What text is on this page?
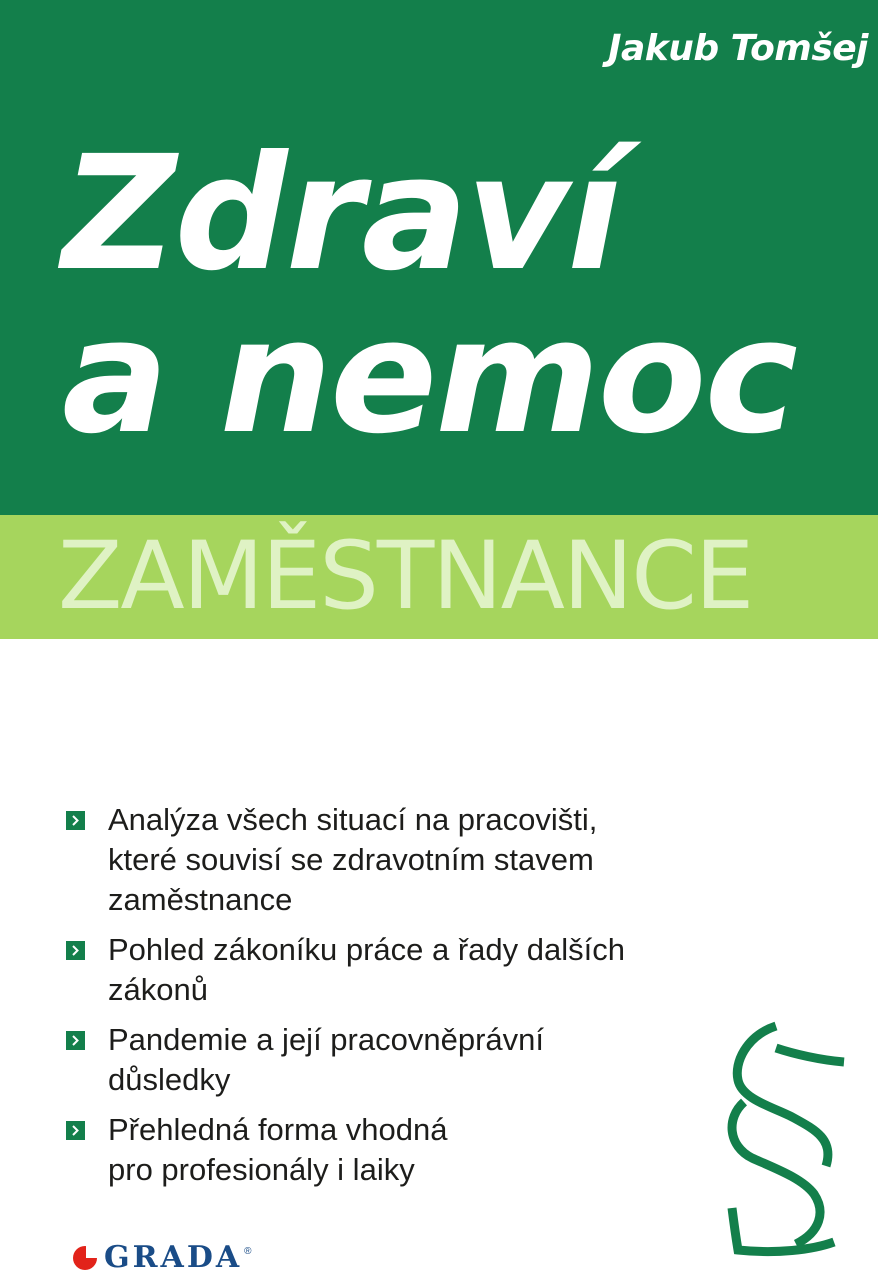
Jakub Tomšej
Zdraví
a nemoc
ZAMĚSTNANCE
Analýza všech situací na pracovišti,
které souvisí se zdravotním stavem
zaměstnance
Pohled zákoníku práce a řady dalších
zákonů
Pandemie a její pracovněprávní
důsledky
Přehledná forma vhodná
pro profesionály i laiky
GRADA ®
